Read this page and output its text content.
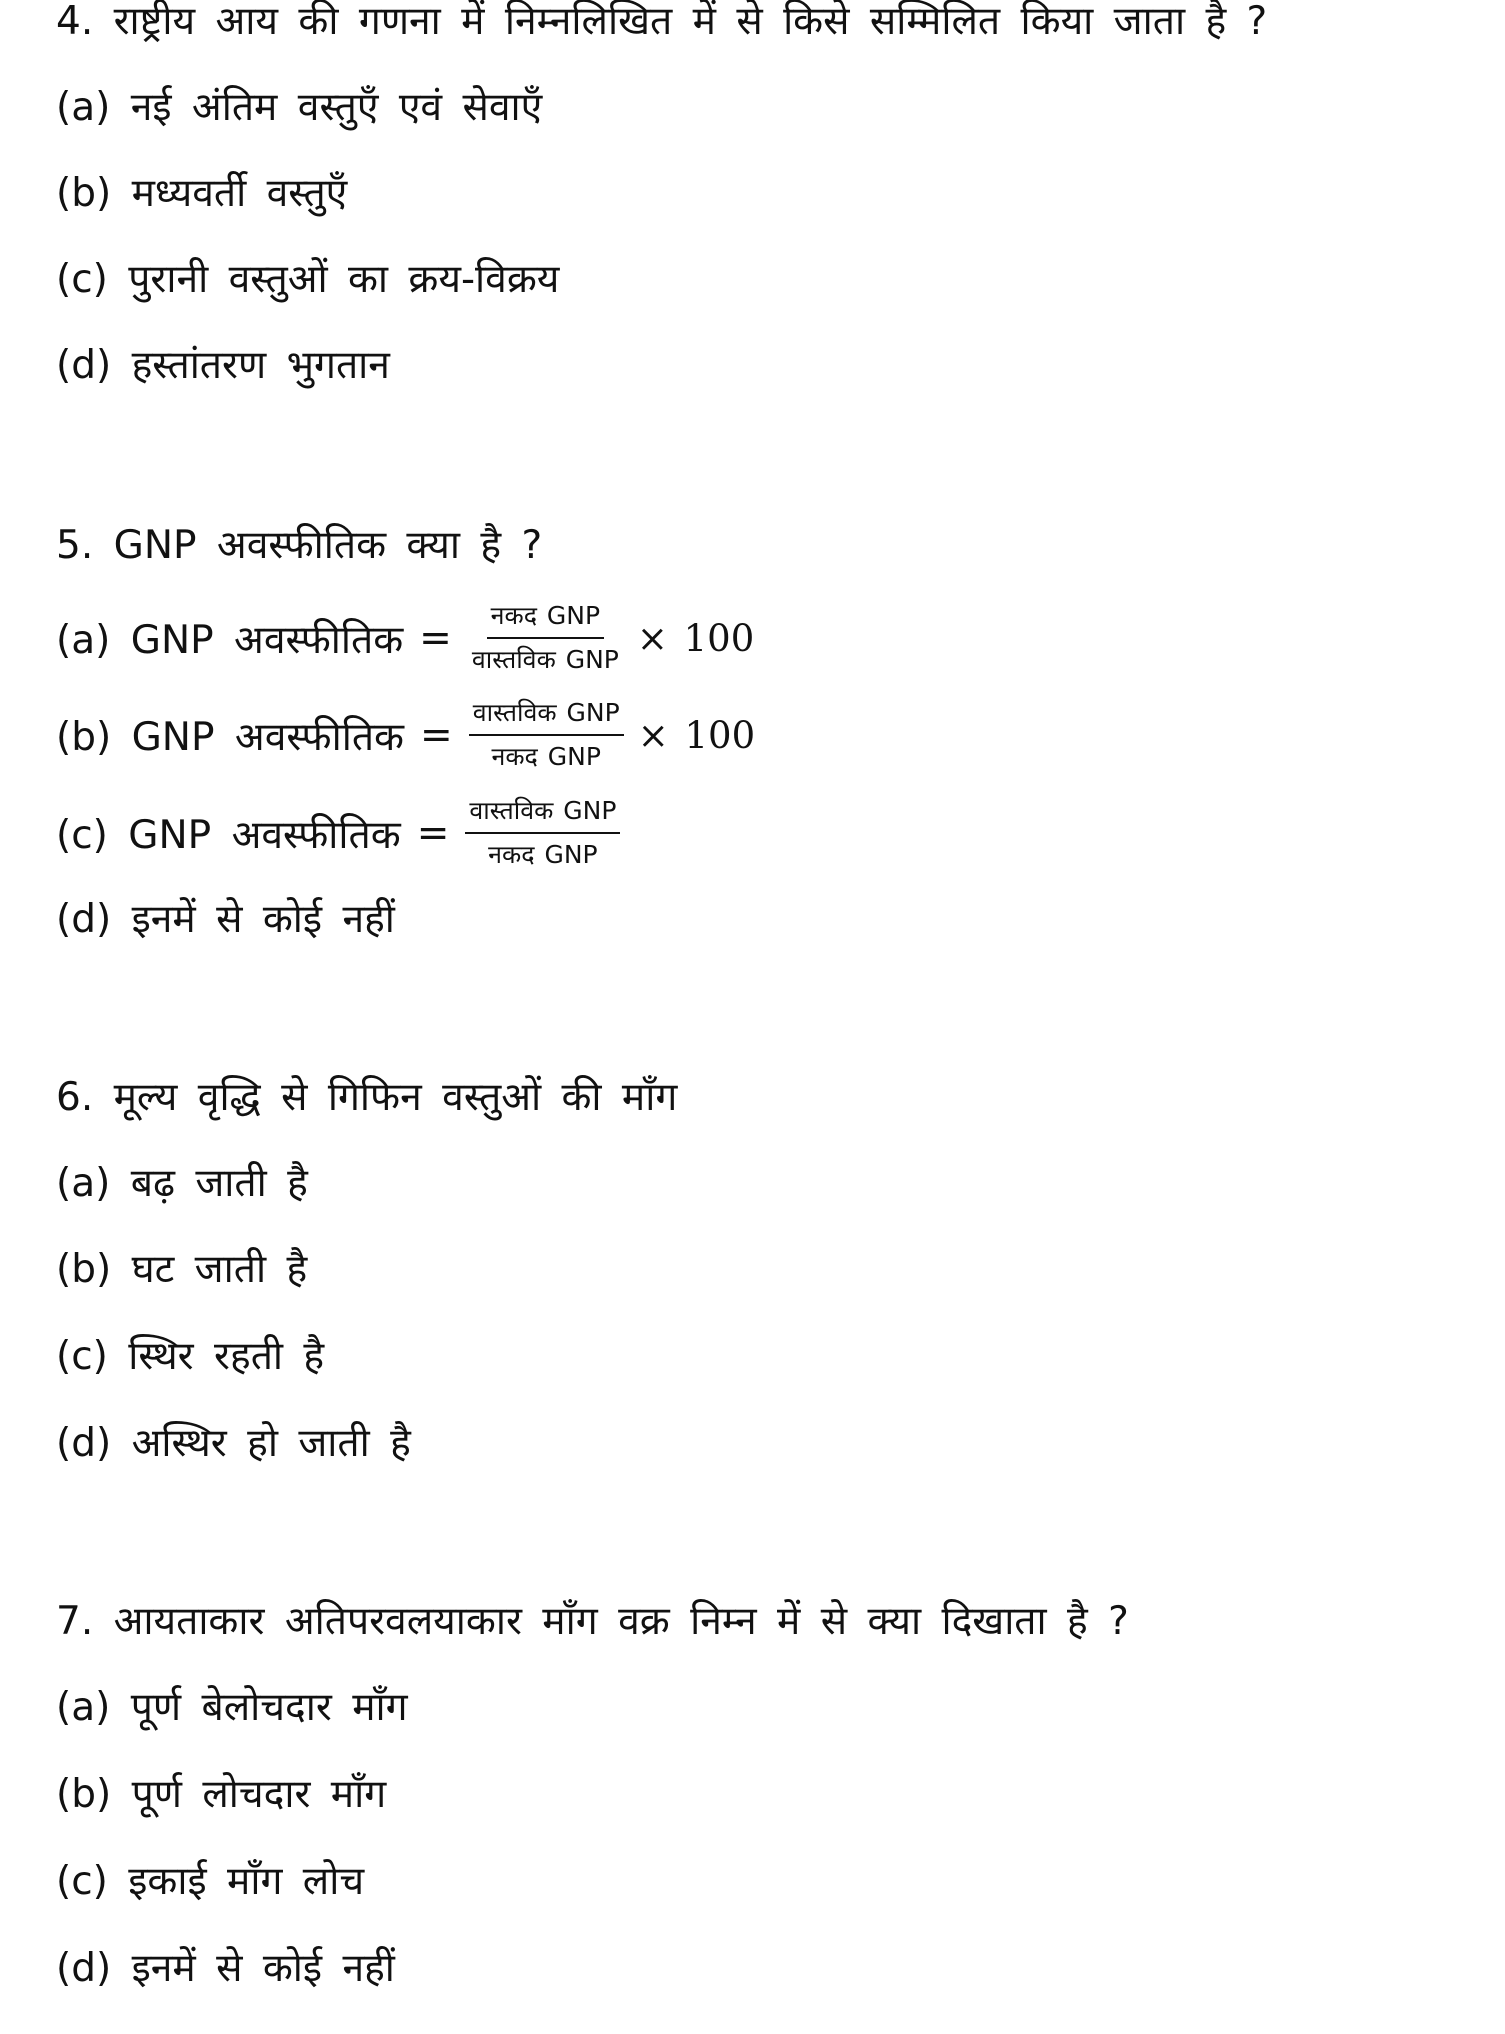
4. राष्ट्रीय आय की गणना में निम्नलिखित में से किसे सम्मिलित किया जाता है ?
(a) नई अंतिम वस्तुएँ एवं सेवाएँ
(b) मध्यवर्ती वस्तुएँ
(c) पुरानी वस्तुओं का क्रय-विक्रय
(d) हस्तांतरण भुगतान
5. GNP अवस्फीतिक क्या है ?
(a) GNP अवस्फीतिक = $\frac{\text{नकद GNP}}{\text{वास्तविक GNP}} \times 100$
(b) GNP अवस्फीतिक = $\frac{\text{वास्तविक GNP}}{\text{नकद GNP}} \times 100$
(c) GNP अवस्फीतिक = $\frac{\text{वास्तविक GNP}}{\text{नकद GNP}}$
(d) इनमें से कोई नहीं
6. मूल्य वृद्धि से गिफिन वस्तुओं की माँग
(a) बढ़ जाती है
(b) घट जाती है
(c) स्थिर रहती है
(d) अस्थिर हो जाती है
7. आयताकार अतिपरवलयाकार माँग वक्र निम्न में से क्या दिखाता है ?
(a) पूर्ण बेलोचदार माँग
(b) पूर्ण लोचदार माँग
(c) इकाई माँग लोच
(d) इनमें से कोई नहीं
